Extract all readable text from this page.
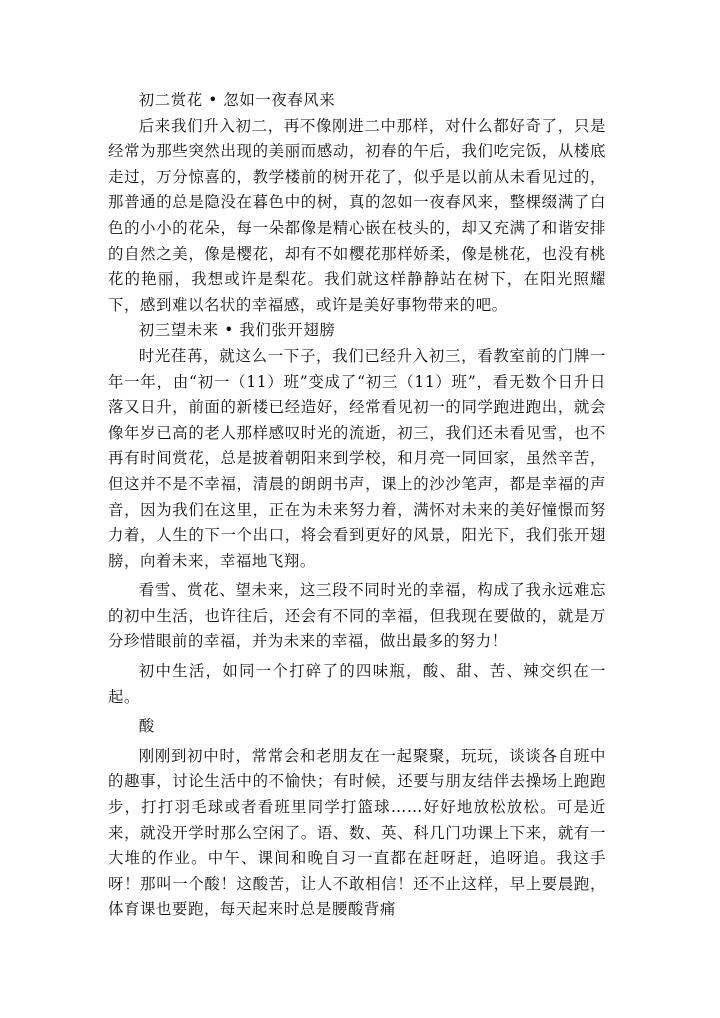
初二赏花 • 忽如一夜春风来

后来我们升入初二，再不像刚进二中那样，对什么都好奇了，只是经常为那些突然出现的美丽而感动，初春的午后，我们吃完饭，从楼底走过，万分惊喜的，教学楼前的树开花了，似乎是以前从未看见过的，那普通的总是隐没在暮色中的树，真的忽如一夜春风来，整棵缀满了白色的小小的花朵，每一朵都像是精心嵌在枝头的，却又充满了和谐安排的自然之美，像是樱花，却有不如樱花那样娇柔，像是桃花，也没有桃花的艳丽，我想或许是梨花。我们就这样静静站在树下，在阳光照耀下，感到难以名状的幸福感，或许是美好事物带来的吧。

初三望未来 • 我们张开翅膀

时光荏苒，就这么一下子，我们已经升入初三，看教室前的门牌一年一年，由“初一（11）班”变成了“初三（11）班”，看无数个日升日落又日升，前面的新楼已经造好，经常看见初一的同学跑进跑出，就会像年岁已高的老人那样感叹时光的流逝，初三，我们还未看见雪，也不再有时间赏花，总是披着朝阳来到学校，和月亮一同回家，虽然辛苦，但这并不是不幸福，清晨的朗朗书声，课上的沙沙笔声，都是幸福的声音，因为我们在这里，正在为未来努力着，满怀对未来的美好憧憬而努力着，人生的下一个出口，将会看到更好的风景，阳光下，我们张开翅膀，向着未来，幸福地飞翔。

看雪、赏花、望未来，这三段不同时光的幸福，构成了我永远难忘的初中生活，也许往后，还会有不同的幸福，但我现在要做的，就是万分珍惜眼前的幸福，并为未来的幸福，做出最多的努力！

初中生活，如同一个打碎了的四味瓶，酸、甜、苦、辣交织在一起。

酸

刚刚到初中时，常常会和老朋友在一起聚聚，玩玩，谈谈各自班中的趣事，讨论生活中的不愉快；有时候，还要与朋友结伴去操场上跑跑步，打打羽毛球或者看班里同学打篮球……好好地放松放松。可是近来，就没开学时那么空闲了。语、数、英、科几门功课上下来，就有一大堆的作业。中午、课间和晚自习一直都在赶呀赶，追呀追。我这手呀！那叫一个酸！这酸苦，让人不敢相信！还不止这样，早上要晨跑，体育课也要跑，每天起来时总是腰酸背痛
